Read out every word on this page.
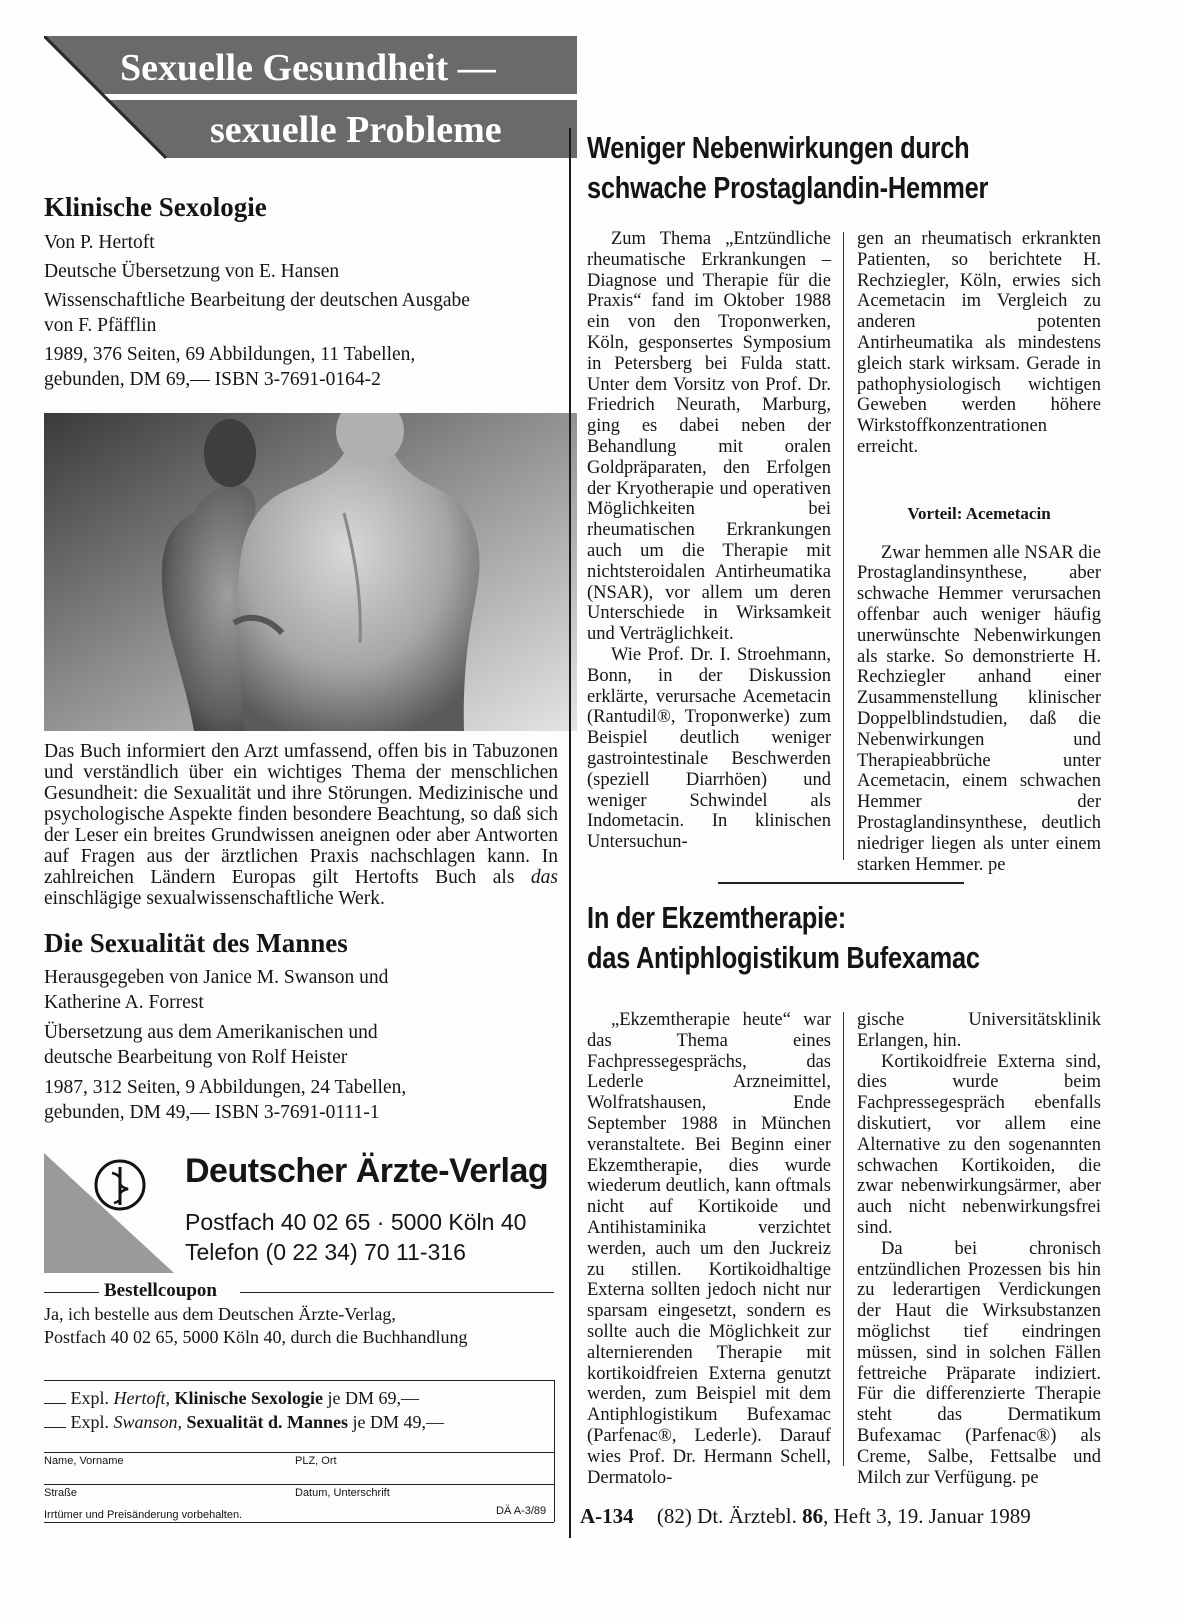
Sexuelle Gesundheit —
sexuelle Probleme
Klinische Sexologie
Von P. Hertoft
Deutsche Übersetzung von E. Hansen
Wissenschaftliche Bearbeitung der deutschen Ausgabe
von F. Pfäfflin
1989, 376 Seiten, 69 Abbildungen, 11 Tabellen,
gebunden, DM 69,— ISBN 3-7691-0164-2
Das Buch informiert den Arzt umfassend, offen bis in Tabuzonen und verständlich über ein wichtiges Thema der menschlichen Gesundheit: die Sexualität und ihre Störungen. Medizinische und psychologische Aspekte finden besondere Beachtung, so daß sich der Leser ein breites Grundwissen aneignen oder aber Antworten auf Fragen aus der ärztlichen Praxis nachschlagen kann. In zahlreichen Ländern Europas gilt Hertofts Buch als das einschlägige sexualwissenschaftliche Werk.
Die Sexualität des Mannes
Herausgegeben von Janice M. Swanson und
Katherine A. Forrest
Übersetzung aus dem Amerikanischen und
deutsche Bearbeitung von Rolf Heister
1987, 312 Seiten, 9 Abbildungen, 24 Tabellen,
gebunden, DM 49,— ISBN 3-7691-0111-1
Deutscher Ärzte-Verlag
Postfach 40 02 65 · 5000 Köln 40
Telefon (0 22 34) 70 11-316
Bestellcoupon
Ja, ich bestelle aus dem Deutschen Ärzte-Verlag,
Postfach 40 02 65, 5000 Köln 40, durch die Buchhandlung
Expl. Hertoft, Klinische Sexologie je DM 69,—
Expl. Swanson, Sexualität d. Mannes je DM 49,—
Name, Vorname	PLZ, Ort
Straße	Datum, Unterschrift
Irrtümer und Preisänderung vorbehalten.	DÄ A-3/89
Weniger Nebenwirkungen durch
schwache Prostaglandin-Hemmer

Zum Thema „Entzündliche rheumatische Erkrankungen – Diagnose und Therapie für die Praxis“ fand im Oktober 1988 ein von den Troponwerken, Köln, gesponsertes Symposium in Petersberg bei Fulda statt. Unter dem Vorsitz von Prof. Dr. Friedrich Neurath, Marburg, ging es dabei neben der Behandlung mit oralen Goldpräparaten, den Erfolgen der Kryotherapie und operativen Möglichkeiten bei rheumatischen Erkrankungen auch um die Therapie mit nichtsteroidalen Antirheumatika (NSAR), vor allem um deren Unterschiede in Wirksamkeit und Verträglichkeit.

Wie Prof. Dr. I. Stroehmann, Bonn, in der Diskussion erklärte, verursache Acemetacin (Rantudil®, Troponwerke) zum Beispiel deutlich weniger gastrointestinale Beschwerden (speziell Diarrhöen) und weniger Schwindel als Indometacin. In klinischen Untersuchun-

gen an rheumatisch erkrankten Patienten, so berichtete H. Rechziegler, Köln, erwies sich Acemetacin im Vergleich zu anderen potenten Antirheumatika als mindestens gleich stark wirksam. Gerade in pathophysiologisch wichtigen Geweben werden höhere Wirkstoffkonzentrationen erreicht.

Vorteil: Acemetacin

Zwar hemmen alle NSAR die Prostaglandinsynthese, aber schwache Hemmer verursachen offenbar auch weniger häufig unerwünschte Nebenwirkungen als starke. So demonstrierte H. Rechziegler anhand einer Zusammenstellung klinischer Doppelblindstudien, daß die Nebenwirkungen und Therapieabbrüche unter Acemetacin, einem schwachen Hemmer der Prostaglandinsynthese, deutlich niedriger liegen als unter einem starken Hemmer. pe

In der Ekzemtherapie:
das Antiphlogistikum Bufexamac

„Ekzemtherapie heute“ war das Thema eines Fachpressegesprächs, das Lederle Arzneimittel, Wolfratshausen, Ende September 1988 in München veranstaltete. Bei Beginn einer Ekzemtherapie, dies wurde wiederum deutlich, kann oftmals nicht auf Kortikoide und Antihistaminika verzichtet werden, auch um den Juckreiz zu stillen. Kortikoidhaltige Externa sollten jedoch nicht nur sparsam eingesetzt, sondern es sollte auch die Möglichkeit zur alternierenden Therapie mit kortikoidfreien Externa genutzt werden, zum Beispiel mit dem Antiphlogistikum Bufexamac (Parfenac®, Lederle). Darauf wies Prof. Dr. Hermann Schell, Dermatolo-

gische Universitätsklinik Erlangen, hin.

Kortikoidfreie Externa sind, dies wurde beim Fachpressegespräch ebenfalls diskutiert, vor allem eine Alternative zu den sogenannten schwachen Kortikoiden, die zwar nebenwirkungsärmer, aber auch nicht nebenwirkungsfrei sind.

Da bei chronisch entzündlichen Prozessen bis hin zu lederartigen Verdickungen der Haut die Wirksubstanzen möglichst tief eindringen müssen, sind in solchen Fällen fettreiche Präparate indiziert. Für die differenzierte Therapie steht das Dermatikum Bufexamac (Parfenac®) als Creme, Salbe, Fettsalbe und Milch zur Verfügung. pe

A-134 (82) Dt. Ärztebl. 86, Heft 3, 19. Januar 1989
